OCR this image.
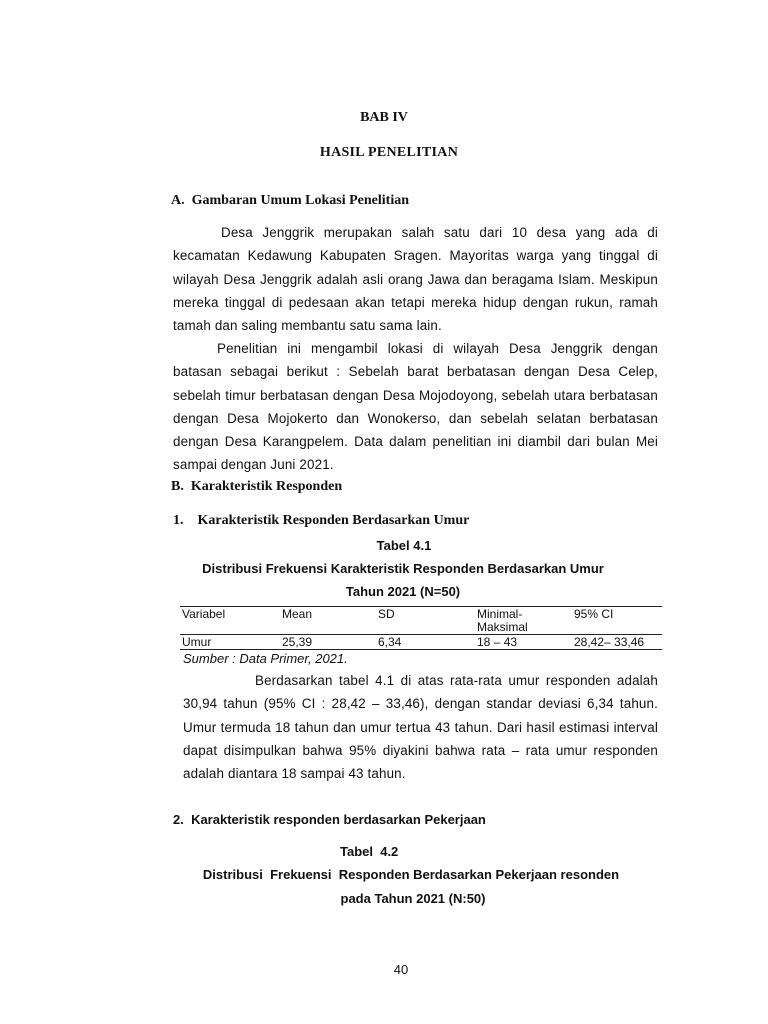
BAB IV
HASIL PENELITIAN
A.  Gambaran Umum Lokasi Penelitian
Desa Jenggrik merupakan salah satu dari 10 desa yang ada di kecamatan Kedawung Kabupaten Sragen. Mayoritas warga yang tinggal di wilayah Desa Jenggrik adalah asli orang Jawa dan beragama Islam. Meskipun mereka tinggal di pedesaan akan tetapi mereka hidup dengan rukun, ramah tamah dan saling membantu satu sama lain.
Penelitian ini mengambil lokasi di wilayah Desa Jenggrik dengan batasan sebagai berikut : Sebelah barat berbatasan dengan Desa Celep, sebelah timur berbatasan dengan Desa Mojodoyong, sebelah utara berbatasan dengan Desa Mojokerto dan Wonokerso, dan sebelah selatan berbatasan dengan Desa Karangpelem. Data dalam penelitian ini diambil dari bulan Mei sampai dengan Juni 2021.
B.  Karakteristik Responden
1.    Karakteristik Responden Berdasarkan Umur
Tabel 4.1
Distribusi Frekuensi Karakteristik Responden Berdasarkan Umur
Tahun 2021 (N=50)
Variabel	Mean	SD	Minimal-Maksimal	95% CI
Umur	25,39	6,34	18 – 43	28,42– 33,46
Sumber : Data Primer, 2021.
Berdasarkan tabel 4.1 di atas rata-rata umur responden adalah 30,94 tahun (95% CI : 28,42 – 33,46), dengan standar deviasi 6,34 tahun. Umur termuda 18 tahun dan umur tertua 43 tahun. Dari hasil estimasi interval dapat disimpulkan bahwa 95% diyakini bahwa rata – rata umur responden adalah diantara 18 sampai 43 tahun.
2.  Karakteristik responden berdasarkan Pekerjaan
Tabel  4.2
Distribusi  Frekuensi  Responden Berdasarkan Pekerjaan resonden
pada Tahun 2021 (N:50)
40
